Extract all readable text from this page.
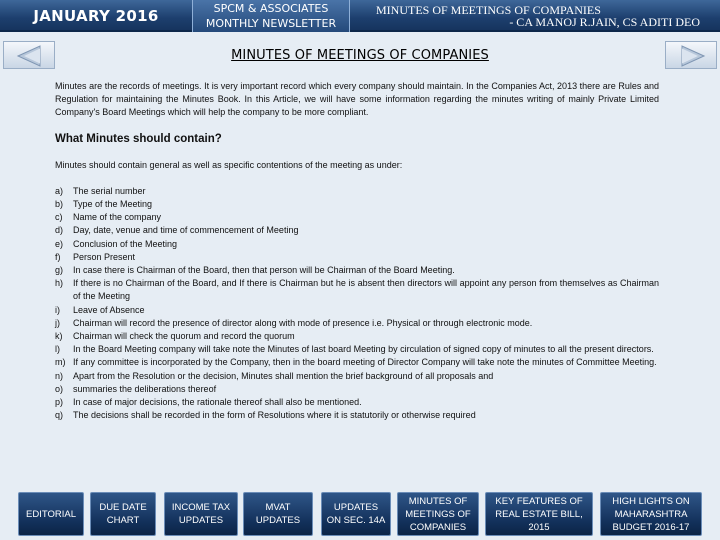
JANUARY 2016	SPCM & ASSOCIATES
MONTHLY NEWSLETTER
MINUTES OF MEETINGS OF COMPANIES
- CA MANOJ R.JAIN, CS ADITI DEO
MINUTES OF MEETINGS OF COMPANIES

Minutes are the records of meetings. It is very important record which every company should maintain. In the Companies Act, 2013 there are Rules and Regulation for maintaining the Minutes Book. In this Article, we will have some information regarding the minutes writing of mainly Private Limited Company's Board Meetings which will help the company to be more compliant.

What Minutes should contain?

Minutes should contain general as well as specific contentions of the meeting as under:

a)	The serial number
b)	Type of the Meeting
c)	Name of the company
d)	Day, date, venue and time of commencement of Meeting
e)	Conclusion of the Meeting
f)	Person Present
g)	In case there is Chairman of the Board, then that person will be Chairman of the Board Meeting.
h)	If there is no Chairman of the Board, and If there is Chairman but he is absent then directors will appoint any person from themselves as Chairman of the Meeting
i)	Leave of Absence
j)	Chairman will record the presence of director along with mode of presence i.e. Physical or through electronic mode.
k)	Chairman will check the quorum and record the quorum
l)	In the Board Meeting company will take note the Minutes of last board Meeting by circulation of signed copy of minutes to all the present directors.
m) If any committee is incorporated by the Company, then in the board meeting of Director Company will take note the minutes of Committee Meeting.
n)	Apart from the Resolution or the decision, Minutes shall mention the brief background of all proposals and
o)	summaries the deliberations thereof
p)	In case of major decisions, the rationale thereof shall also be mentioned.
q)	The decisions shall be recorded in the form of Resolutions where it is statutorily or otherwise required
EDITORIAL
DUE DATE
CHART
INCOME TAX
UPDATES
MVAT
UPDATES
UPDATES
ON SEC. 14A
MINUTES OF
MEETINGS OF
COMPANIES
KEY FEATURES OF
REAL ESTATE BILL,
2015
HIGH LIGHTS ON
MAHARASHTRA
BUDGET 2016-17
